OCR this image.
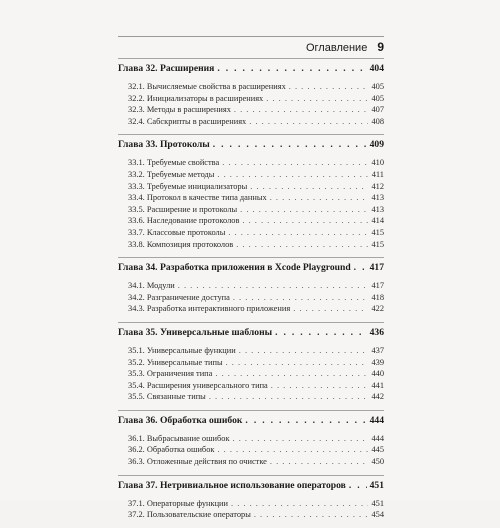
Оглавление 9
Глава 32. Расширения . . .	404
32.1. Вычисляемые свойства в расширениях . . .	405
32.2. Инициализаторы в расширениях . . .	405
32.3. Методы в расширениях . . .	407
32.4. Сабскрипты в расширениях . . .	408
Глава 33. Протоколы . . .	409
33.1. Требуемые свойства . . .	410
33.2. Требуемые методы . . .	411
33.3. Требуемые инициализаторы . . .	412
33.4. Протокол в качестве типа данных . . .	413
33.5. Расширение и протоколы . . .	413
33.6. Наследование протоколов . . .	414
33.7. Классовые протоколы . . .	415
33.8. Композиция протоколов . . .	415
Глава 34. Разработка приложения в Xcode Playground . . . 417
34.1. Модули . . .	417
34.2. Разграничение доступа . . .	418
34.3. Разработка интерактивного приложения . . .	422
Глава 35. Универсальные шаблоны . . .	436
35.1. Универсальные функции . . .	437
35.2. Универсальные типы . . .	439
35.3. Ограничения типа . . .	440
35.4. Расширения универсального типа . . .	441
35.5. Связанные типы . . .	442
Глава 36. Обработка ошибок . . .	444
36.1. Выбрасывание ошибок . . .	444
36.2. Обработка ошибок . . .	445
36.3. Отложенные действия по очистке . . .	450
Глава 37. Нетривиальное использование операторов . . . 451
37.1. Операторные функции . . .	451
37.2. Пользовательские операторы . . .	454
